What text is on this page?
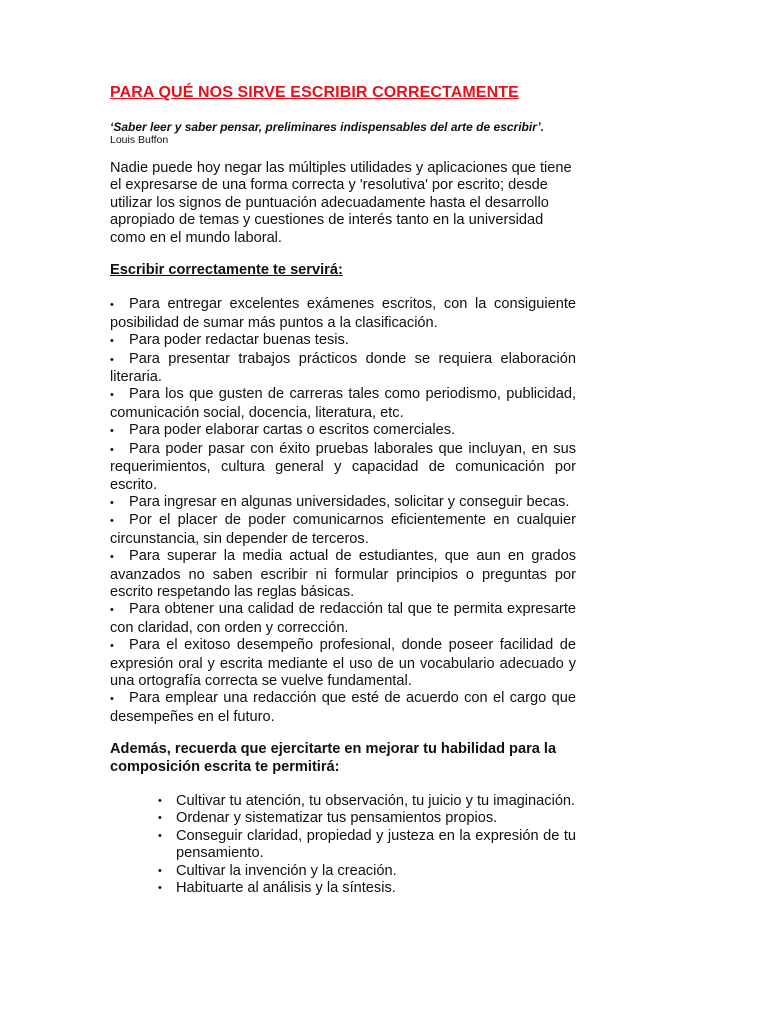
PARA QUÉ NOS SIRVE ESCRIBIR CORRECTAMENTE

‘Saber leer y saber pensar, preliminares indispensables del arte de escribir’.

Louis Buffon

Nadie puede hoy negar las múltiples utilidades y aplicaciones que tiene el expresarse de una forma correcta y 'resolutiva' por escrito; desde utilizar los signos de puntuación adecuadamente hasta el desarrollo apropiado de temas y cuestiones de interés tanto en la universidad como en el mundo laboral.

Escribir correctamente te servirá:

• Para entregar excelentes exámenes escritos, con la consiguiente posibilidad de sumar más puntos a la clasificación.
• Para poder redactar buenas tesis.
• Para presentar trabajos prácticos donde se requiera elaboración literaria.
• Para los que gusten de carreras tales como periodismo, publicidad, comunicación social, docencia, literatura, etc.
• Para poder elaborar cartas o escritos comerciales.
• Para poder pasar con éxito pruebas laborales que incluyan, en sus requerimientos, cultura general y capacidad de comunicación por escrito.
• Para ingresar en algunas universidades, solicitar y conseguir becas.
• Por el placer de poder comunicarnos eficientemente en cualquier circunstancia, sin depender de terceros.
• Para superar la media actual de estudiantes, que aun en grados avanzados no saben escribir ni formular principios o preguntas por escrito respetando las reglas básicas.
• Para obtener una calidad de redacción tal que te permita expresarte con claridad, con orden y corrección.
• Para el exitoso desempeño profesional, donde poseer facilidad de expresión oral y escrita mediante el uso de un vocabulario adecuado y una ortografía correcta se vuelve fundamental.
• Para emplear una redacción que esté de acuerdo con el cargo que desempeñes en el futuro.

Además, recuerda que ejercitarte en mejorar tu habilidad para la composición escrita te permitirá:

• Cultivar tu atención, tu observación, tu juicio y tu imaginación.
• Ordenar y sistematizar tus pensamientos propios.
• Conseguir claridad, propiedad y justeza en la expresión de tu pensamiento.
• Cultivar la invención y la creación.
• Habituarte al análisis y la síntesis.
